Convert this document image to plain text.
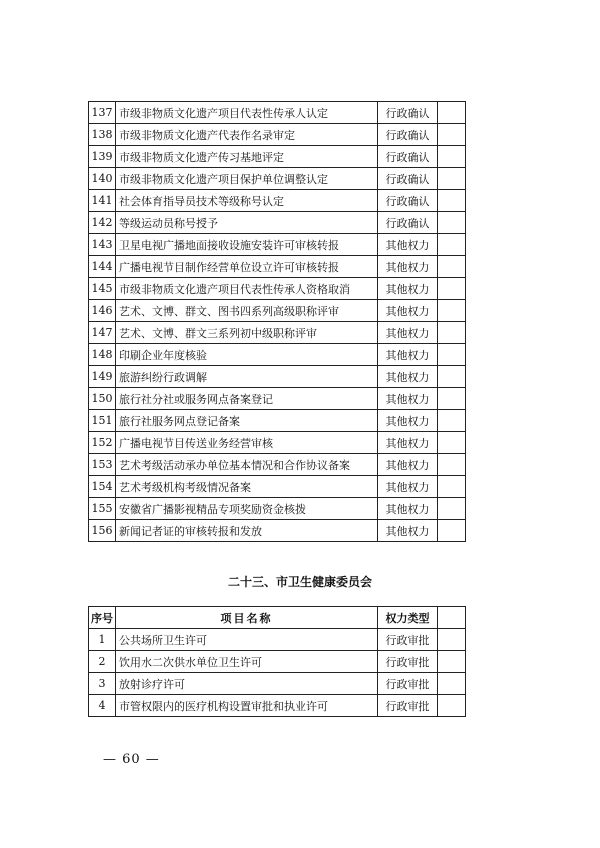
137	市级非物质文化遗产项目代表性传承人认定	行政确认	
138	市级非物质文化遗产代表作名录审定	行政确认	
139	市级非物质文化遗产传习基地评定	行政确认	
140	市级非物质文化遗产项目保护单位调整认定	行政确认	
141	社会体育指导员技术等级称号认定	行政确认	
142	等级运动员称号授予	行政确认	
143	卫星电视广播地面接收设施安装许可审核转报	其他权力	
144	广播电视节目制作经营单位设立许可审核转报	其他权力	
145	市级非物质文化遗产项目代表性传承人资格取消	其他权力	
146	艺术、文博、群文、图书四系列高级职称评审	其他权力	
147	艺术、文博、群文三系列初中级职称评审	其他权力	
148	印刷企业年度核验	其他权力	
149	旅游纠纷行政调解	其他权力	
150	旅行社分社或服务网点备案登记	其他权力	
151	旅行社服务网点登记备案	其他权力	
152	广播电视节目传送业务经营审核	其他权力	
153	艺术考级活动承办单位基本情况和合作协议备案	其他权力	
154	艺术考级机构考级情况备案	其他权力	
155	安徽省广播影视精品专项奖励资金核拨	其他权力	
156	新闻记者证的审核转报和发放	其他权力	
二十三、市卫生健康委员会
序号	项目名称	权力类型	
1	公共场所卫生许可	行政审批	
2	饮用水二次供水单位卫生许可	行政审批	
3	放射诊疗许可	行政审批	
4	市管权限内的医疗机构设置审批和执业许可	行政审批	
— 60 —
